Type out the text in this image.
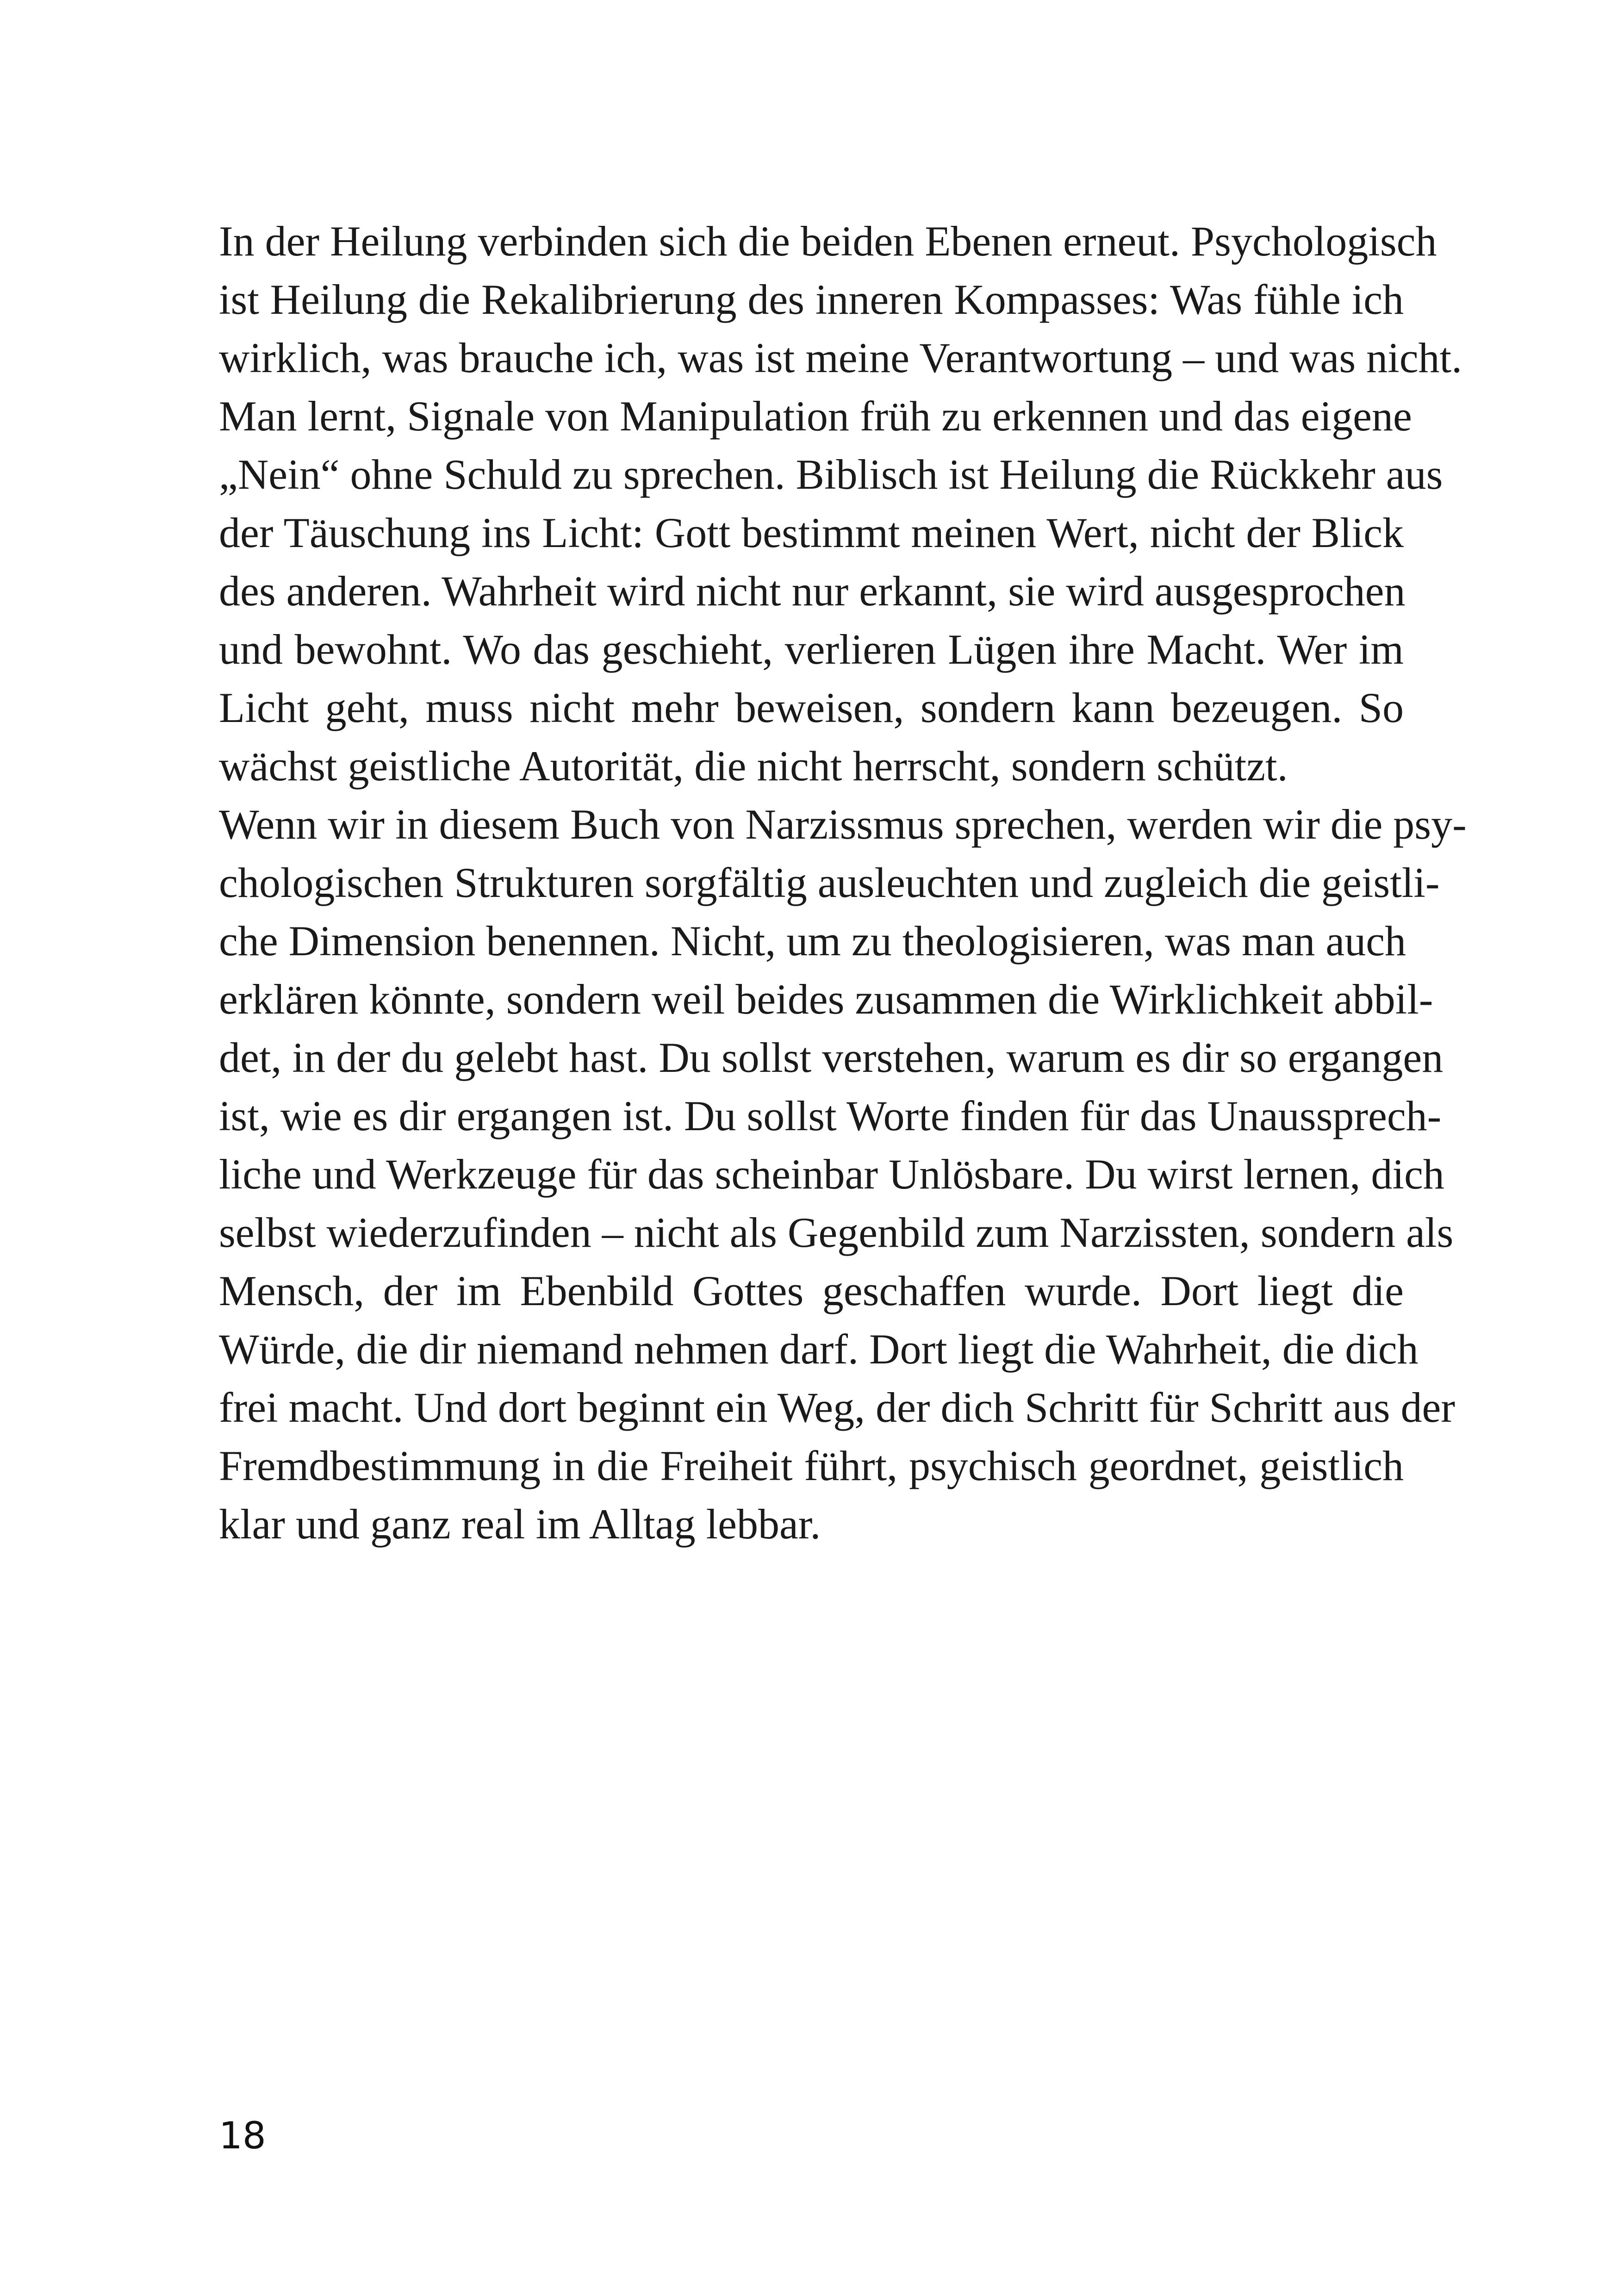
In der Heilung verbinden sich die beiden Ebenen erneut. Psychologisch
ist Heilung die Rekalibrierung des inneren Kompasses: Was fühle ich
wirklich, was brauche ich, was ist meine Verantwortung – und was nicht.
Man lernt, Signale von Manipulation früh zu erkennen und das eigene
„Nein“ ohne Schuld zu sprechen. Biblisch ist Heilung die Rückkehr aus
der Täuschung ins Licht: Gott bestimmt meinen Wert, nicht der Blick
des anderen. Wahrheit wird nicht nur erkannt, sie wird ausgesprochen
und bewohnt. Wo das geschieht, verlieren Lügen ihre Macht. Wer im
Licht geht, muss nicht mehr beweisen, sondern kann bezeugen. So
wächst geistliche Autorität, die nicht herrscht, sondern schützt.
Wenn wir in diesem Buch von Narzissmus sprechen, werden wir die psy-
chologischen Strukturen sorgfältig ausleuchten und zugleich die geistli-
che Dimension benennen. Nicht, um zu theologisieren, was man auch
erklären könnte, sondern weil beides zusammen die Wirklichkeit abbil-
det, in der du gelebt hast. Du sollst verstehen, warum es dir so ergangen
ist, wie es dir ergangen ist. Du sollst Worte finden für das Unaussprech-
liche und Werkzeuge für das scheinbar Unlösbare. Du wirst lernen, dich
selbst wiederzufinden – nicht als Gegenbild zum Narzissten, sondern als
Mensch, der im Ebenbild Gottes geschaffen wurde. Dort liegt die
Würde, die dir niemand nehmen darf. Dort liegt die Wahrheit, die dich
frei macht. Und dort beginnt ein Weg, der dich Schritt für Schritt aus der
Fremdbestimmung in die Freiheit führt, psychisch geordnet, geistlich
klar und ganz real im Alltag lebbar.
18
